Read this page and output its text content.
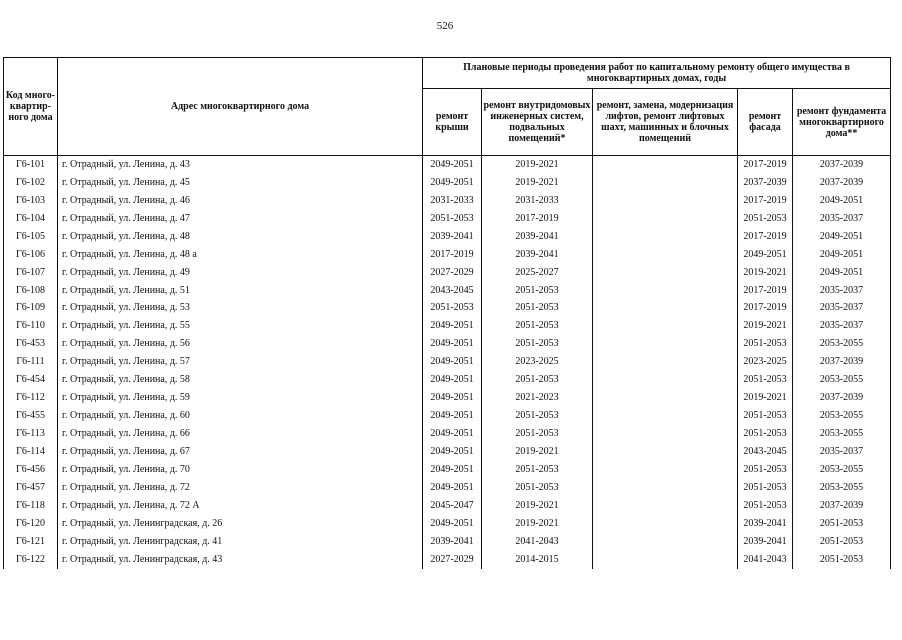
526
Код много-квартир-ного дома	Адрес многоквартирного дома	Плановые периоды проведения работ по капитальному ремонту общего имущества в многоквартирных домах, годы				
		ремонт крыши	ремонт внутридомовых инженерных систем, подвальных помещений*	ремонт, замена, модернизация лифтов, ремонт лифтовых шахт, машинных и блочных помещений	ремонт фасада	ремонт фундамента многоквартирного дома**
Г6-101	г. Отрадный, ул. Ленина, д. 43	2049-2051	2019-2021		2017-2019	2037-2039
Г6-102	г. Отрадный, ул. Ленина, д. 45	2049-2051	2019-2021		2037-2039	2037-2039
Г6-103	г. Отрадный, ул. Ленина, д. 46	2031-2033	2031-2033		2017-2019	2049-2051
Г6-104	г. Отрадный, ул. Ленина, д. 47	2051-2053	2017-2019		2051-2053	2035-2037
Г6-105	г. Отрадный, ул. Ленина, д. 48	2039-2041	2039-2041		2017-2019	2049-2051
Г6-106	г. Отрадный, ул. Ленина, д. 48 а	2017-2019	2039-2041		2049-2051	2049-2051
Г6-107	г. Отрадный, ул. Ленина, д. 49	2027-2029	2025-2027		2019-2021	2049-2051
Г6-108	г. Отрадный, ул. Ленина, д. 51	2043-2045	2051-2053		2017-2019	2035-2037
Г6-109	г. Отрадный, ул. Ленина, д. 53	2051-2053	2051-2053		2017-2019	2035-2037
Г6-110	г. Отрадный, ул. Ленина, д. 55	2049-2051	2051-2053		2019-2021	2035-2037
Г6-453	г. Отрадный, ул. Ленина, д. 56	2049-2051	2051-2053		2051-2053	2053-2055
Г6-111	г. Отрадный, ул. Ленина, д. 57	2049-2051	2023-2025		2023-2025	2037-2039
Г6-454	г. Отрадный, ул. Ленина, д. 58	2049-2051	2051-2053		2051-2053	2053-2055
Г6-112	г. Отрадный, ул. Ленина, д. 59	2049-2051	2021-2023		2019-2021	2037-2039
Г6-455	г. Отрадный, ул. Ленина, д. 60	2049-2051	2051-2053		2051-2053	2053-2055
Г6-113	г. Отрадный, ул. Ленина, д. 66	2049-2051	2051-2053		2051-2053	2053-2055
Г6-114	г. Отрадный, ул. Ленина, д. 67	2049-2051	2019-2021		2043-2045	2035-2037
Г6-456	г. Отрадный, ул. Ленина, д. 70	2049-2051	2051-2053		2051-2053	2053-2055
Г6-457	г. Отрадный, ул. Ленина, д. 72	2049-2051	2051-2053		2051-2053	2053-2055
Г6-118	г. Отрадный, ул. Ленина, д. 72 А	2045-2047	2019-2021		2051-2053	2037-2039
Г6-120	г. Отрадный, ул. Ленинградская, д. 26	2049-2051	2019-2021		2039-2041	2051-2053
Г6-121	г. Отрадный, ул. Ленинградская, д. 41	2039-2041	2041-2043		2039-2041	2051-2053
Г6-122	г. Отрадный, ул. Ленинградская, д. 43	2027-2029	2014-2015		2041-2043	2051-2053
